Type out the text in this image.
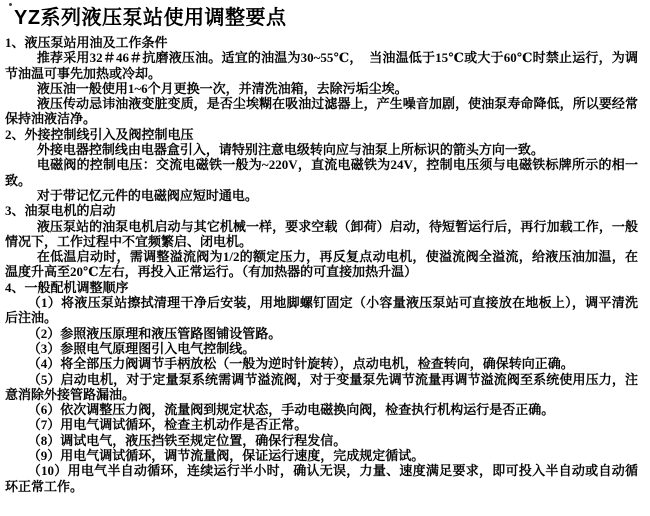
YZ系列液压泵站使用调整要点

1、液压泵站用油及工作条件

推荐采用32＃46＃抗磨液压油。适宜的油温为30~55℃，　当油温低于15℃或大于60℃时禁止运行，为调节油温可事先加热或冷却。

液压油一般使用1~6个月更换一次，并清洗油箱，去除污垢尘埃。

液压传动忌讳油液变脏变质，是否尘埃糊在吸油过滤器上，产生噪音加剧，使油泵寿命降低，所以要经常保持油液洁净。

2、外接控制线引入及阀控制电压

外接电器控制线由电器盒引入，请特别注意电级转向应与油泵上所标识的箭头方向一致。

电磁阀的控制电压：交流电磁铁一般为~220V，直流电磁铁为24V，控制电压须与电磁铁标牌所示的相一致。

对于带记忆元件的电磁阀应短时通电。

3、油泵电机的启动

液压泵站的油泵电机启动与其它机械一样，要求空载（卸荷）启动，待短暂运行后，再行加载工作，一般情况下，工作过程中不宜频繁启、闭电机。

在低温启动时，需调整溢流阀为1/2的额定压力，再反复点动电机，使溢流阀全溢流，给液压油加温，在温度升高至20℃左右，再投入正常运行。（有加热器的可直接加热升温）

4、一般配机调整顺序

（1）将液压泵站擦拭清理干净后安装，用地脚螺钉固定（小容量液压泵站可直接放在地板上），调平清洗后注油。

（2）参照液压原理和液压管路图铺设管路。

（3）参照电气原理图引入电气控制线。

（4）将全部压力阀调节手柄放松（一般为逆时针旋转），点动电机，检查转向，确保转向正确。

（5）启动电机，对于定量泵系统需调节溢流阀，对于变量泵先调节流量再调节溢流阀至系统使用压力，注意消除外接管路漏油。

（6）依次调整压力阀，流量阀到规定状态，手动电磁换向阀，检查执行机构运行是否正确。

（7）用电气调试循环，检查主机动作是否正常。

（8）调试电气，液压挡铁至规定位置，确保行程发信。

（9）用电气调试循环，调节流量阀，保证运行速度，完成规定循试。

（10）用电气半自动循环，连续运行半小时，确认无误，力量、速度满足要求，即可投入半自动或自动循环正常工作。
